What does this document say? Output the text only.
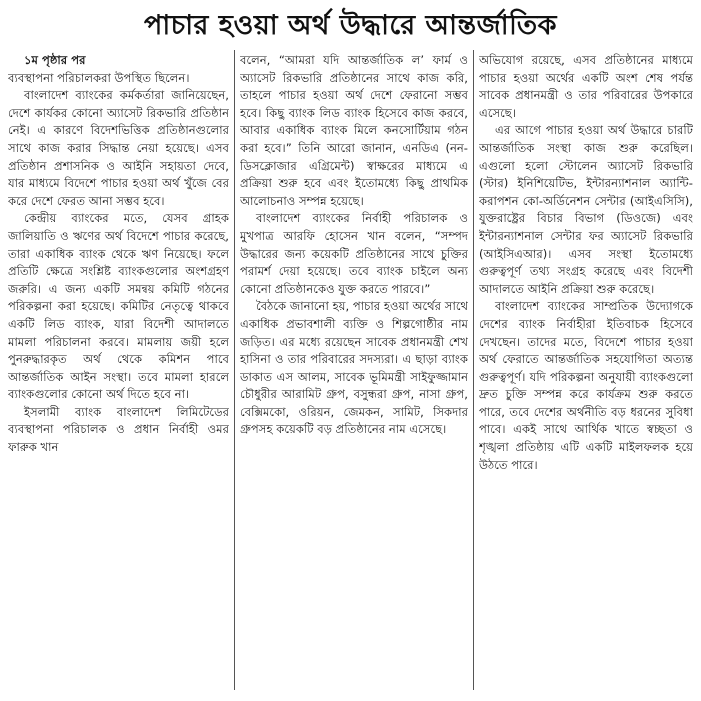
পাচার হওয়া অর্থ উদ্ধারে আন্তর্জাতিক

১ম পৃষ্ঠার পর

ব্যবস্থাপনা পরিচালকরা উপস্থিত ছিলেন।

বাংলাদেশ ব্যাংকের কর্মকর্তারা জানিয়েছেন, দেশে কার্যকর কোনো অ্যাসেট রিকভারি প্রতিষ্ঠান নেই। এ কারণে বিদেশভিত্তিক প্রতিষ্ঠানগুলোর সাথে কাজ করার সিদ্ধান্ত নেয়া হয়েছে। এসব প্রতিষ্ঠান প্রশাসনিক ও আইনি সহায়তা দেবে, যার মাধ্যমে বিদেশে পাচার হওয়া অর্থ খুঁজে বের করে দেশে ফেরত আনা সম্ভব হবে।

কেন্দ্রীয় ব্যাংকের মতে, যেসব গ্রাহক জালিয়াতি ও ঋণের অর্থ বিদেশে পাচার করেছে, তারা একাধিক ব্যাংক থেকে ঋণ নিয়েছে। ফলে প্রতিটি ক্ষেত্রে সংশ্লিষ্ট ব্যাংকগুলোর অংশগ্রহণ জরুরি। এ জন্য একটি সমন্বয় কমিটি গঠনের পরিকল্পনা করা হয়েছে। কমিটির নেতৃত্বে থাকবে একটি লিড ব্যাংক, যারা বিদেশী আদালতে মামলা পরিচালনা করবে। মামলায় জয়ী হলে পুনরুদ্ধারকৃত অর্থ থেকে কমিশন পাবে আন্তর্জাতিক আইন সংস্থা। তবে মামলা হারলে ব্যাংকগুলোর কোনো অর্থ দিতে হবে না।

ইসলামী ব্যাংক বাংলাদেশ লিমিটেডের ব্যবস্থাপনা পরিচালক ও প্রধান নির্বাহী ওমর ফারুক খান

বলেন, “আমরা যদি আন্তর্জাতিক ল’ ফার্ম ও অ্যাসেট রিকভারি প্রতিষ্ঠানের সাথে কাজ করি, তাহলে পাচার হওয়া অর্থ দেশে ফেরানো সম্ভব হবে। কিছু ব্যাংক লিড ব্যাংক হিসেবে কাজ করবে, আবার একাধিক ব্যাংক মিলে কনসোর্টিয়াম গঠন করা হবে।” তিনি আরো জানান, এনডিএ (নন-ডিসক্লোজার এগ্রিমেন্ট) স্বাক্ষরের মাধ্যমে এ প্রক্রিয়া শুরু হবে এবং ইতোমধ্যে কিছু প্রাথমিক আলোচনাও সম্পন্ন হয়েছে।

বাংলাদেশ ব্যাংকের নির্বাহী পরিচালক ও মুখপাত্র আরফি হোসেন খান বলেন, “সম্পদ উদ্ধারের জন্য কয়েকটি প্রতিষ্ঠানের সাথে চুক্তির পরামর্শ দেয়া হয়েছে। তবে ব্যাংক চাইলে অন্য কোনো প্রতিষ্ঠানকেও যুক্ত করতে পারবে।”

বৈঠকে জানানো হয়, পাচার হওয়া অর্থের সাথে একাধিক প্রভাবশালী ব্যক্তি ও শিল্পগোষ্ঠীর নাম জড়িত। এর মধ্যে রয়েছেন সাবেক প্রধানমন্ত্রী শেখ হাসিনা ও তার পরিবারের সদস্যরা। এ ছাড়া ব্যাংক ডাকাত এস আলম, সাবেক ভূমিমন্ত্রী সাইফুজ্জামান চৌধুরীর আরামিট গ্রুপ, বসুন্ধরা গ্রুপ, নাসা গ্রুপ, বেক্সিমকো, ওরিয়ন, জেমকন, সামিট, সিকদার গ্রুপসহ কয়েকটি বড় প্রতিষ্ঠানের নাম এসেছে।

অভিযোগ রয়েছে, এসব প্রতিষ্ঠানের মাধ্যমে পাচার হওয়া অর্থের একটি অংশ শেষ পর্যন্ত সাবেক প্রধানমন্ত্রী ও তার পরিবারের উপকারে এসেছে।

এর আগে পাচার হওয়া অর্থ উদ্ধারে চারটি আন্তর্জাতিক সংস্থা কাজ শুরু করেছিল। এগুলো হলো স্টোলেন অ্যাসেট রিকভারি (স্টার) ইনিশিয়েটিভ, ইন্টারন্যাশনাল অ্যান্টি-করাপশন কো-অর্ডিনেশন সেন্টার (আইএসিসি), যুক্তরাষ্ট্রের বিচার বিভাগ (ডিওজে) এবং ইন্টারন্যাশনাল সেন্টার ফর অ্যাসেট রিকভারি (আইসিএআর)। এসব সংস্থা ইতোমধ্যে গুরুত্বপূর্ণ তথ্য সংগ্রহ করেছে এবং বিদেশী আদালতে আইনি প্রক্রিয়া শুরু করেছে।

বাংলাদেশ ব্যাংকের সাম্প্রতিক উদ্যোগকে দেশের ব্যাংক নির্বাহীরা ইতিবাচক হিসেবে দেখছেন। তাদের মতে, বিদেশে পাচার হওয়া অর্থ ফেরাতে আন্তর্জাতিক সহযোগিতা অত্যন্ত গুরুত্বপূর্ণ। যদি পরিকল্পনা অনুযায়ী ব্যাংকগুলো দ্রুত চুক্তি সম্পন্ন করে কার্যক্রম শুরু করতে পারে, তবে দেশের অর্থনীতি বড় ধরনের সুবিধা পাবে। একই সাথে আর্থিক খাতে স্বচ্ছতা ও শৃঙ্খলা প্রতিষ্ঠায় এটি একটি মাইলফলক হয়ে উঠতে পারে।
